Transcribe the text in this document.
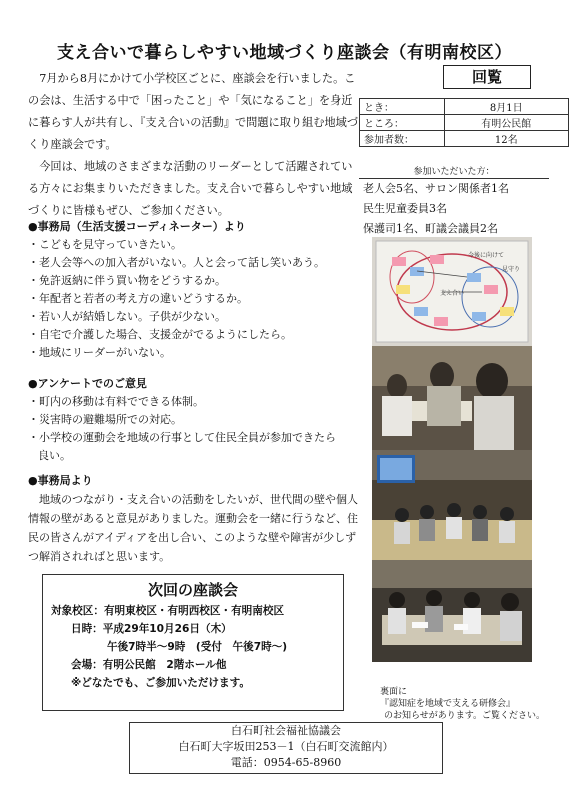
支え合いで暮らしやすい地域づくり座談会（有明南校区）

7月から8月にかけて小学校区ごとに、座談会を行いました。この会は、生活する中で「困ったこと」や「気になること」を身近に暮らす人が共有し、『支え合いの活動』で問題に取り組む地域づくり座談会です。

今回は、地域のさまざまな活動のリーダーとして活躍されている方々にお集まりいただきました。支え合いで暮らしやすい地域づくりに皆様もぜひ、ご参加ください。

回覧
とき：	8月1日
ところ：	有明公民館
参加者数：	12名
参加いただいた方：
老人会5名、サロン関係者1名
民生児童委員3名
保護司1名、町議会議員2名
●事務局（生活支援コーディネーター）より
・こどもを見守っていきたい。
・老人会等への加入者がいない。人と会って話し笑いあう。
・免許返納に伴う買い物をどうするか。
・年配者と若者の考え方の違いどうするか。
・若い人が結婚しない。子供が少ない。
・自宅で介護した場合、支援金がでるようにしたら。
・地域にリーダーがいない。
●アンケートでのご意見
・町内の移動は有料でできる体制。
・災害時の避難場所での対応。
・小学校の運動会を地域の行事として住民全員が参加できたら良い。
●事務局より
地域のつながり・支え合いの活動をしたいが、世代間の壁や個人情報の壁があると意見がありました。運動会を一緒に行うなど、住民の皆さんがアイディアを出し合い、このような壁や障害が少しずつ解消されればと思います。
今後に向けて
支え合い
見守り
次回の座談会
対象校区：有明東校区・有明西校区・有明南校区
日時：平成29年10月26日（木）
午後7時半～9時　(受付　午後7時～)
会場：有明公民館　2階ホール他
※どなたでも、ご参加いただけます。
裏面に
『認知症を地域で支える研修会』
のお知らせがあります。ご覧ください。
白石町社会福祉協議会
白石町大字坂田253－1（白石町交流館内）
電話：0954-65-8960
